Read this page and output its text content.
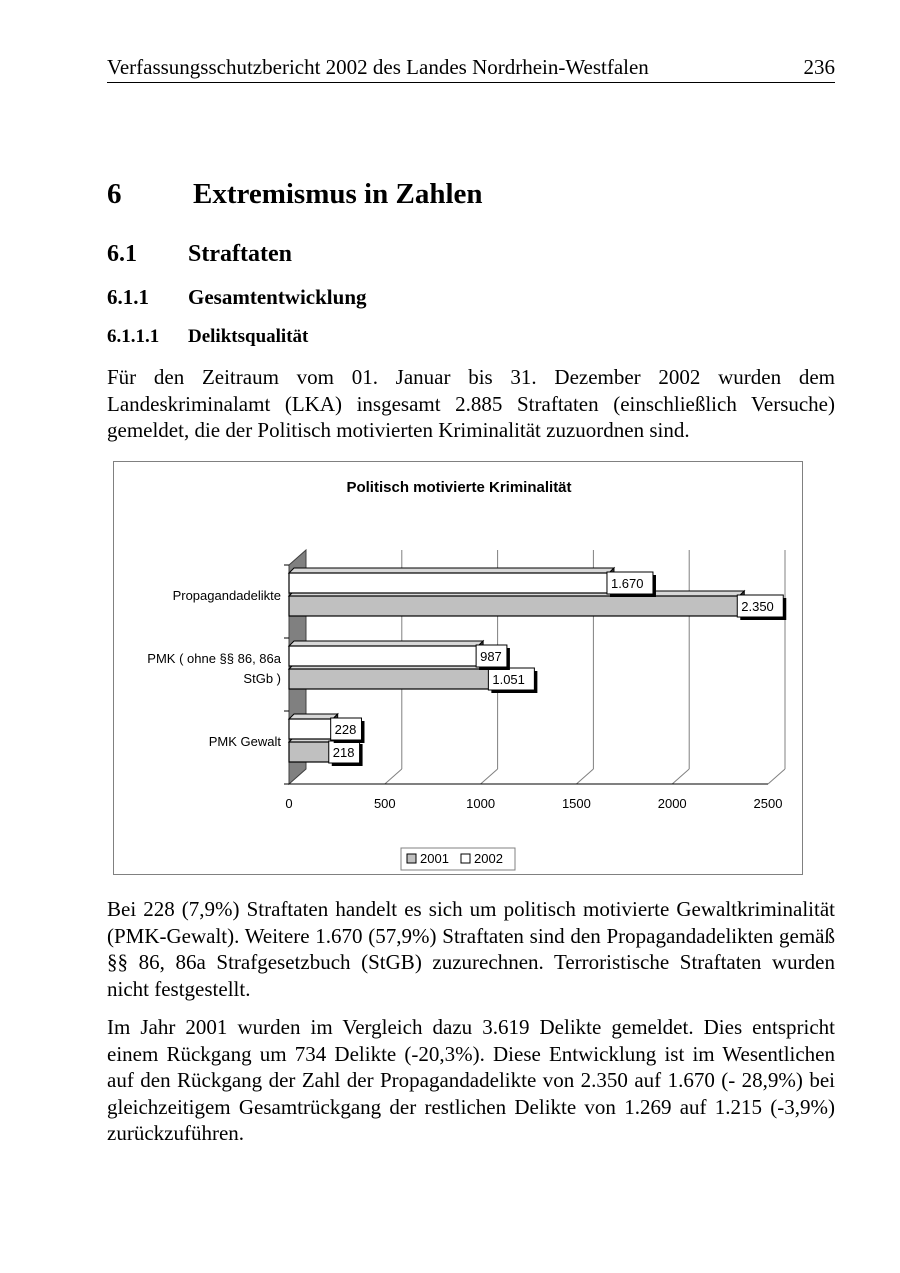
Verfassungsschutzbericht 2002 des Landes Nordrhein-Westfalen	236
6 Extremismus in Zahlen
6.1 Straftaten
6.1.1 Gesamtentwicklung
6.1.1.1 Deliktsqualität

Für den Zeitraum vom 01. Januar bis 31. Dezember 2002 wurden dem Landeskriminalamt (LKA) insgesamt 2.885 Straftaten (einschließlich Versuche) gemeldet, die der Politisch motivierten Kriminalität zuzuordnen sind.

Politisch motivierte Kriminalität
2.350
1.670
Propagandadelikte
1.051
987
PMK ( ohne §§ 86, 86a
StGb )
218
228
PMK Gewalt
0	500	1000	1500	2000	2500
2001 2002

Bei 228 (7,9%) Straftaten handelt es sich um politisch motivierte Gewaltkriminalität (PMK-Gewalt). Weitere 1.670 (57,9%) Straftaten sind den Propagandadelikten gemäß §§ 86, 86a Strafgesetzbuch (StGB) zuzurechnen. Terroristische Straftaten wurden nicht festgestellt.

Im Jahr 2001 wurden im Vergleich dazu 3.619 Delikte gemeldet. Dies entspricht einem Rückgang um 734 Delikte (-20,3%). Diese Entwicklung ist im Wesentlichen auf den Rückgang der Zahl der Propagandadelikte von 2.350 auf 1.670 (- 28,9%) bei gleichzeitigem Gesamtrückgang der restlichen Delikte von 1.269 auf 1.215 (-3,9%) zurückzuführen.
